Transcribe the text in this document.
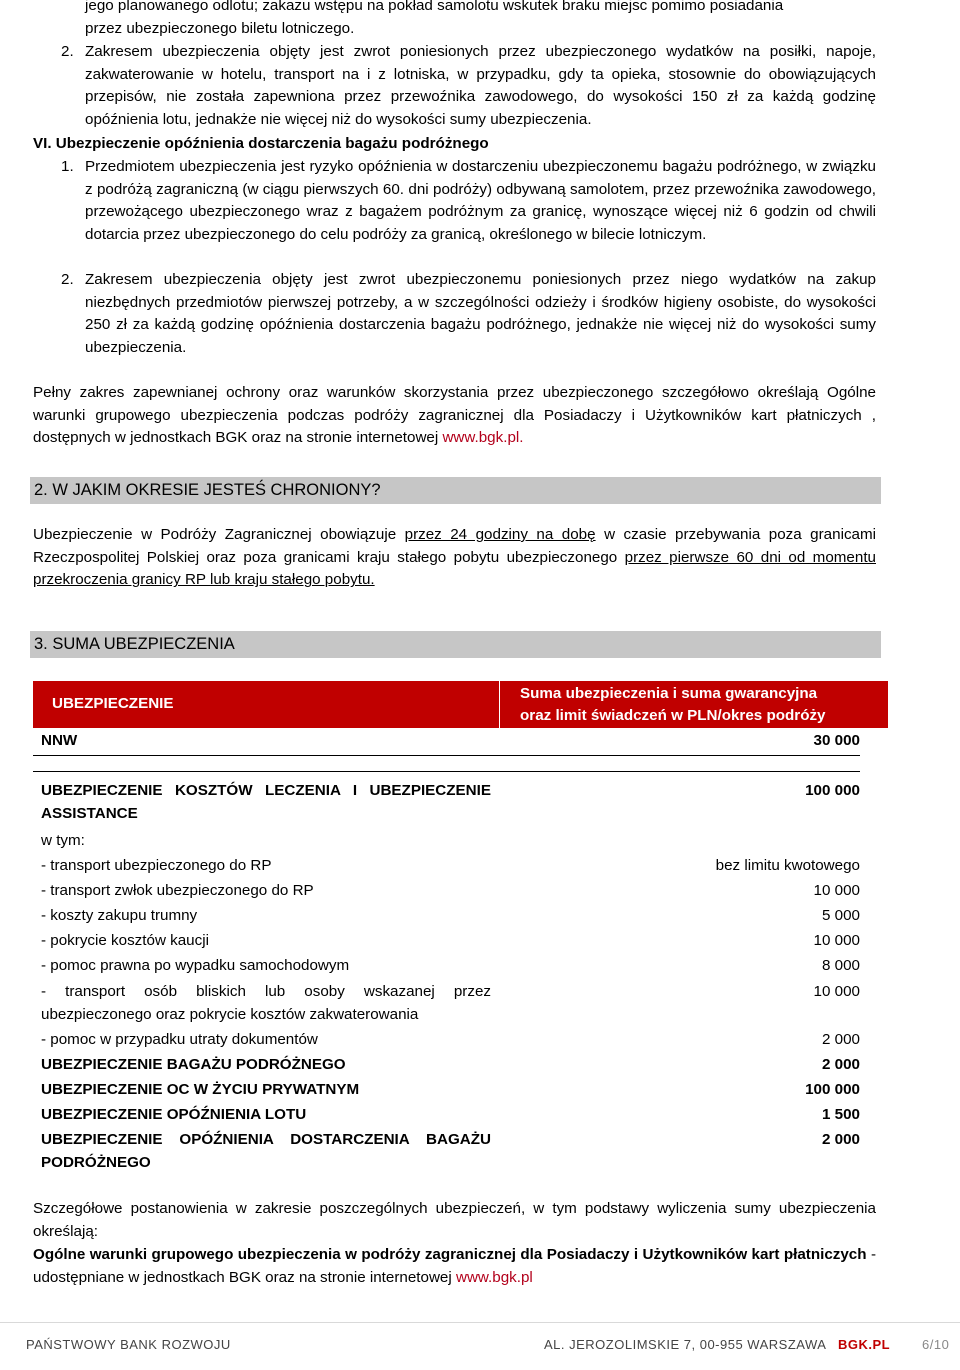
jego planowanego odlotu; zakazu wstępu na pokład samolotu wskutek braku miejsc pomimo posiadania

przez ubezpieczonego biletu lotniczego.

2. Zakresem ubezpieczenia objęty jest zwrot poniesionych przez ubezpieczonego wydatków na posiłki, napoje, zakwaterowanie w hotelu, transport na i z lotniska, w przypadku, gdy ta opieka, stosownie do obowiązujących przepisów, nie została zapewniona przez przewoźnika zawodowego, do wysokości 150 zł za każdą godzinę opóźnienia lotu, jednakże nie więcej niż do wysokości sumy ubezpieczenia.

VI. Ubezpieczenie opóźnienia dostarczenia bagażu podróżnego

1. Przedmiotem ubezpieczenia jest ryzyko opóźnienia w dostarczeniu ubezpieczonemu bagażu podróżnego, w związku z podróżą zagraniczną (w ciągu pierwszych 60. dni podróży) odbywaną samolotem, przez przewoźnika zawodowego, przewożącego ubezpieczonego wraz z bagażem podróżnym za granicę, wynoszące więcej niż 6 godzin od chwili dotarcia przez ubezpieczonego do celu podróży za granicą, określonego w bilecie lotniczym.

2. Zakresem ubezpieczenia objęty jest zwrot ubezpieczonemu poniesionych przez niego wydatków na zakup niezbędnych przedmiotów pierwszej potrzeby, a w szczególności odzieży i środków higieny osobiste, do wysokości 250 zł za każdą godzinę opóźnienia dostarczenia bagażu podróżnego, jednakże nie więcej niż do wysokości sumy ubezpieczenia.

Pełny zakres zapewnianej ochrony oraz warunków skorzystania przez ubezpieczonego szczegółowo określają Ogólne warunki grupowego ubezpieczenia podczas podróży zagranicznej dla Posiadaczy i Użytkowników kart płatniczych , dostępnych w jednostkach BGK oraz na stronie internetowej www.bgk.pl.

2. W JAKIM OKRESIE JESTEŚ CHRONIONY?

Ubezpieczenie w Podróży Zagranicznej obowiązuje przez 24 godziny na dobę w czasie przebywania poza granicami Rzeczpospolitej Polskiej oraz poza granicami kraju stałego pobytu ubezpieczonego przez pierwsze 60 dni od momentu przekroczenia granicy RP lub kraju stałego pobytu.

3. SUMA UBEZPIECZENIA
UBEZPIECZENIE
Suma ubezpieczenia i suma gwarancyjna
oraz limit świadczeń w PLN/okres podróży
NNW	30 000
UBEZPIECZENIE KOSZTÓW LECZENIA I UBEZPIECZENIE ASSISTANCE
100 000
w tym:
- transport ubezpieczonego do RP	bez limitu kwotowego
- transport zwłok ubezpieczonego do RP	10 000
- koszty zakupu trumny	5 000
- pokrycie kosztów kaucji	10 000
- pomoc prawna po wypadku samochodowym	8 000
- transport osób bliskich lub osoby wskazanej przez ubezpieczonego oraz pokrycie kosztów zakwaterowania
10 000
- pomoc w przypadku utraty dokumentów	2 000
UBEZPIECZENIE BAGAŻU PODRÓŻNEGO	2 000
UBEZPIECZENIE OC W ŻYCIU PRYWATNYM	100 000
UBEZPIECZENIE OPÓŹNIENIA LOTU	1 500
UBEZPIECZENIE OPÓŹNIENIA DOSTARCZENIA BAGAŻU PODRÓŻNEGO
2 000

Szczegółowe postanowienia w zakresie poszczególnych ubezpieczeń, w tym podstawy wyliczenia sumy ubezpieczenia określają:

Ogólne warunki grupowego ubezpieczenia w podróży zagranicznej dla Posiadaczy i Użytkowników kart płatniczych - udostępniane w jednostkach BGK oraz na stronie internetowej www.bgk.pl

PAŃSTWOWY BANK ROZWOJU	AL. JEROZOLIMSKIE 7, 00-955 WARSZAWA BGK.PL 6/10
